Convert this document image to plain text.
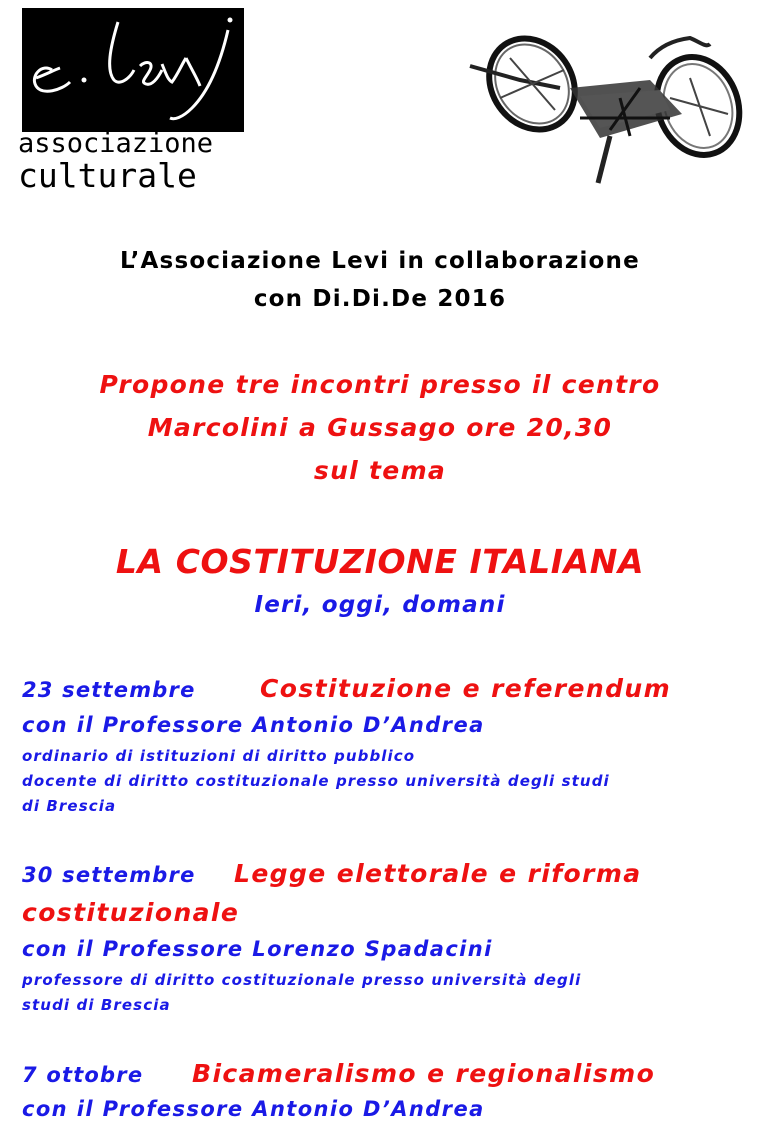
associazione
culturale
L’Associazione Levi in collaborazione
con Di.Di.De 2016
Propone tre incontri presso il centro
Marcolini a Gussago ore 20,30
sul tema
LA COSTITUZIONE ITALIANA
Ieri, oggi, domani
23 settembre	Costituzione e referendum
con il Professore Antonio D’Andrea
ordinario di istituzioni di diritto pubblico
docente di diritto costituzionale presso università degli studi
di Brescia
30 settembre Legge elettorale e riforma
costituzionale
con il Professore Lorenzo Spadacini
professore di diritto costituzionale presso università degli
studi di Brescia
7 ottobre Bicameralismo e regionalismo
con il Professore Antonio D’Andrea
